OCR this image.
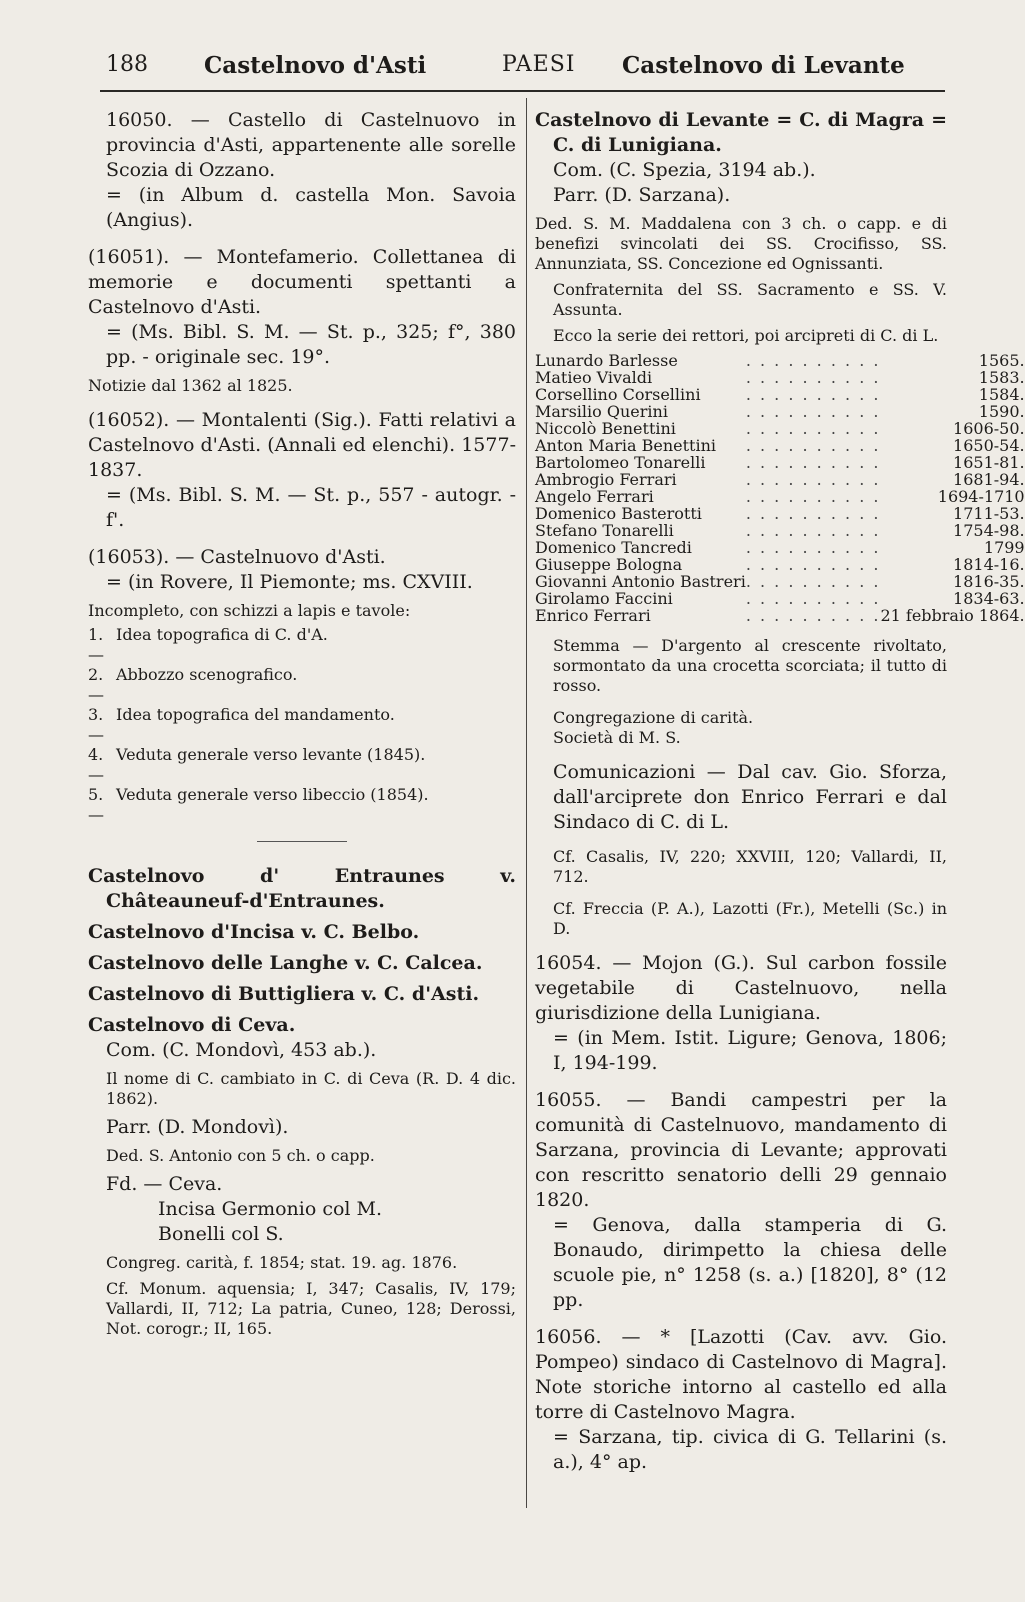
188 Castelnovo d'Asti	PAESI Castelnovo di Levante

16050. — Castello di Castelnuovo in provincia d'Asti, appartenente alle sorelle Scozia di Ozzano.

= (in Album d. castella Mon. Savoia (Angius).

(16051). — Montefamerio. Collettanea di memorie e documenti spettanti a Castelnovo d'Asti.

= (Ms. Bibl. S. M. — St. p., 325; f°, 380 pp. - originale sec. 19°.

Notizie dal 1362 al 1825.

(16052). — Montalenti (Sig.). Fatti relativi a Castelnovo d'Asti. (Annali ed elenchi). 1577-1837.

= (Ms. Bibl. S. M. — St. p., 557 - autogr. - f'.

(16053). — Castelnuovo d'Asti.

= (in Rovere, Il Piemonte; ms. CXVIII.

Incompleto, con schizzi a lapis e tavole:

1.—
Idea topografica di C. d'A.
2.—
Abbozzo scenografico.
3.—
Idea topografica del mandamento.
4.—
Veduta generale verso levante (1845).
5.—
Veduta generale verso libeccio (1854).

Castelnovo d' Entraunes v. Châteauneuf-d'Entraunes.

Castelnovo d'Incisa v. C. Belbo.

Castelnovo delle Langhe v. C. Calcea.

Castelnovo di Buttigliera v. C. d'Asti.

Castelnovo di Ceva.

Com. (C. Mondovì, 453 ab.).

Il nome di C. cambiato in C. di Ceva (R. D. 4 dic. 1862).

Parr. (D. Mondovì).

Ded. S. Antonio con 5 ch. o capp.

Fd. — Ceva.

Incisa Germonio col M.

Bonelli col S.

Congreg. carità, f. 1854; stat. 19. ag. 1876.

Cf. Monum. aquensia; I, 347; Casalis, IV, 179; Vallardi, II, 712; La patria, Cuneo, 128; Derossi, Not. corogr.; II, 165.

Castelnovo di Levante = C. di Magra = C. di Lunigiana.

Com. (C. Spezia, 3194 ab.).

Parr. (D. Sarzana).

Ded. S. M. Maddalena con 3 ch. o capp. e di benefizi svincolati dei SS. Crocifisso, SS. Annunziata, SS. Concezione ed Ognissanti.

Confraternita del SS. Sacramento e SS. V. Assunta.

Ecco la serie dei rettori, poi arcipreti di C. di L.

Lunardo Barlesse	. . . . . . . . . .	1565.
Matieo Vivaldi	. . . . . . . . . .	1583.
Corsellino Corsellini	. . . . . . . . . .	1584.
Marsilio Querini	. . . . . . . . . .	1590.
Niccolò Benettini	. . . . . . . . . .	1606-50.
Anton Maria Benettini	. . . . . . . . . .	1650-54.
Bartolomeo Tonarelli	. . . . . . . . . .	1651-81.
Ambrogio Ferrari	. . . . . . . . . .	1681-94.
Angelo Ferrari	. . . . . . . . . .	1694-1710
Domenico Basterotti	. . . . . . . . . .	1711-53.
Stefano Tonarelli	. . . . . . . . . .	1754-98.
Domenico Tancredi	. . . . . . . . . .	1799
Giuseppe Bologna	. . . . . . . . . .	1814-16.
Giovanni Antonio Bastreri	. . . . . . . . . .	1816-35.
Girolamo Faccini	. . . . . . . . . .	1834-63.
Enrico Ferrari	. . . . . . . . . .	21 febbraio 1864.

Stemma — D'argento al crescente rivoltato, sormontato da una crocetta scorciata; il tutto di rosso.

Congregazione di carità.

Società di M. S.

Comunicazioni — Dal cav. Gio. Sforza, dall'arciprete don Enrico Ferrari e dal Sindaco di C. di L.

Cf. Casalis, IV, 220; XXVIII, 120; Vallardi, II, 712.

Cf. Freccia (P. A.), Lazotti (Fr.), Metelli (Sc.) in D.

16054. — Mojon (G.). Sul carbon fossile vegetabile di Castelnuovo, nella giurisdizione della Lunigiana.

= (in Mem. Istit. Ligure; Genova, 1806; I, 194-199.

16055. — Bandi campestri per la comunità di Castelnuovo, mandamento di Sarzana, provincia di Levante; approvati con rescritto senatorio delli 29 gennaio 1820.

= Genova, dalla stamperia di G. Bonaudo, dirimpetto la chiesa delle scuole pie, n° 1258 (s. a.) [1820], 8° (12 pp.

16056. — * [Lazotti (Cav. avv. Gio. Pompeo) sindaco di Castelnovo di Magra]. Note storiche intorno al castello ed alla torre di Castelnovo Magra.

= Sarzana, tip. civica di G. Tellarini (s. a.), 4° ap.
